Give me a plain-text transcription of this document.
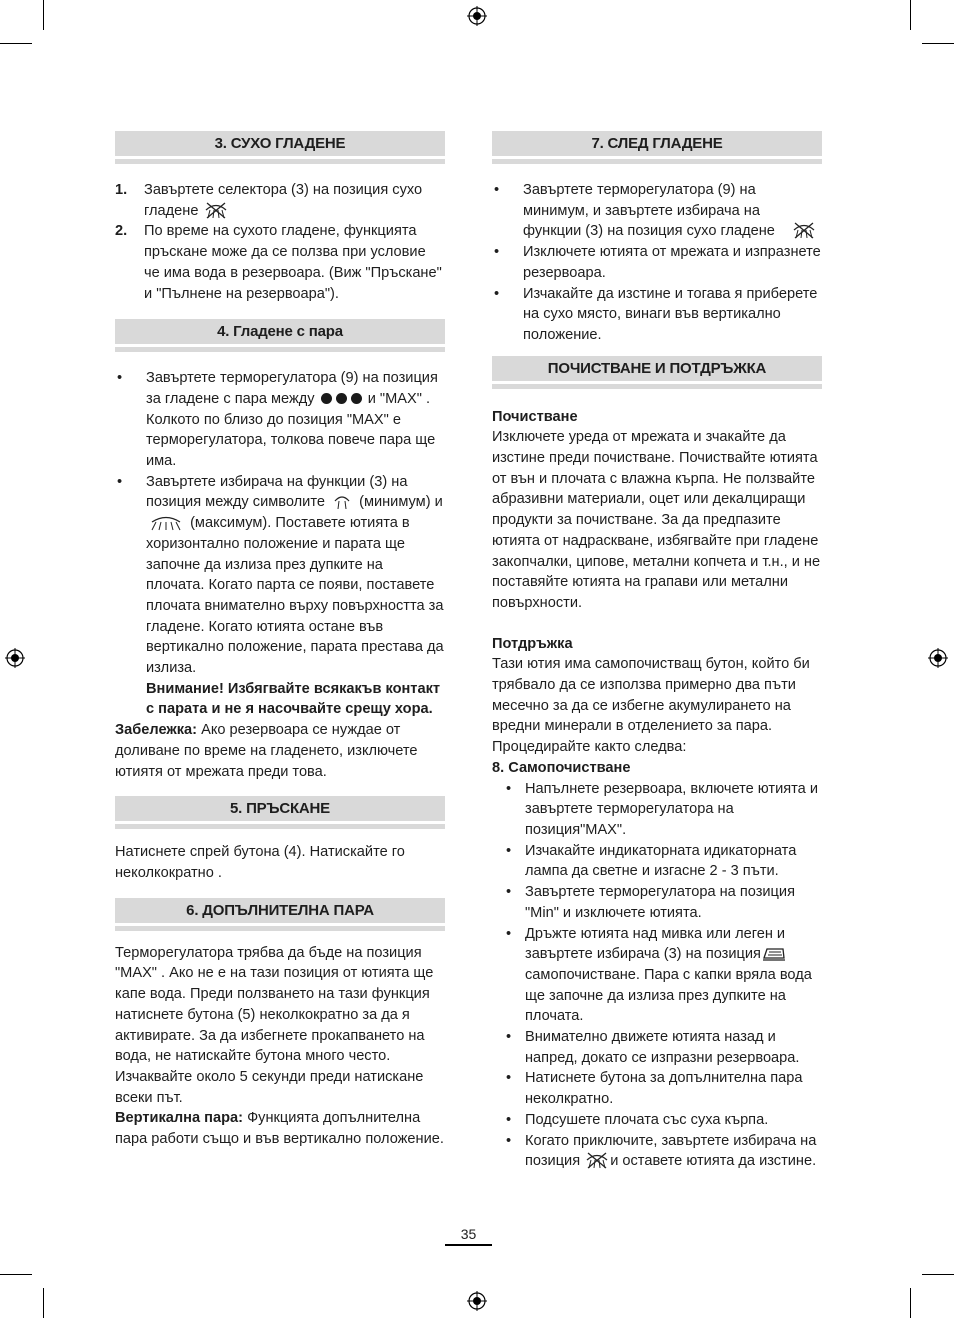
3. СУХО ГЛАДЕНЕ
1.	Завъртете селектора (3) на позиция сухо гладене
2.	По време на сухото гладене, функцията пръскане може да се ползва при условие че има вода в резервоара. (Виж "Пръскане" и "Пълнене на резервоара").
4. Гладене с пара
•	Завъртете терморегулатора (9) на позиция за гладене с пара между	и "MAX" . Колкото по близо до позиция "MAX" е терморегулатора, толкова повече пара ще има.
•	Завъртете избирача на функции (3) на позиция между символите (минимум) и  (максимум). Поставете ютията в хоризонтално положение и парата ще започне да излиза през дупките на плочата. Когато парта се появи, поставете плочата внимателно върху повърхността за гладене. Когато ютията остане във вертикално положение, парата престава да излиза.
Внимание! Избягвайте всякакъв контакт с парата и не я насочвайте срещу хора.

Забележка: Ако резервоара се нуждае от доливане по време на гладенето, изключете ютиятя от мрежата преди това.

5. ПРЪСКАНЕ

Натиснете спрей бутона (4). Натискайте го неколкократно .

6. ДОПЪЛНИТЕЛНА ПАРА

Терморегулатора трябва да бъде на позиция "MAX" . Ако не е на тази позиция от ютията ще капе вода. Преди ползването на тази функция натиснете бутона (5) неколкократно за да я активирате. За да избегнете прокапването на вода, не натискайте бутона много често. Изчаквайте около 5 секунди преди натискане всеки път.

Вертикална пара: Функцията допълнителна пара работи също и във вертикално положение.

7. СЛЕД ГЛАДЕНЕ
•	Завъртете терморегулатора (9) на минимум, и завъртете избирача на функции (3) на позиция сухо гладене
•	Изключете ютията от мрежата и изпразнете резервоара.
•	Изчакайте да изстине и тогава я приберете на сухо място, винаги във вертикално положение.
ПОЧИСТВАНЕ И ПОТДРЪЖКА

Почистване

Изключете уреда от мрежата и зчакайте да изстине преди почистване. Почиствайте ютията от вън и плочата с влажна кърпа. Не ползвайте абразивни материали, оцет или декалциращи продукти за почистване. За да предпазите ютията от надраскване, избягвайте при гладене закопчалки, ципове, метални копчета и т.н., и не поставяйте ютията на грапави или метални повърхности.

Потдръжка

Тази ютия има самопочистващ бутон, който би трябвало да се използва примерно два пъти месечно за да се избегне акумулирането на вредни минерали в отделението за пара. Процедирайте както следва:

8. Самопочистване

• Напълнете резервоара, включете ютията и завъртете терморегулатора на позиция"MAX".
• Изчакайте индикаторната идикаторната лампа да светне и изгасне 2 - 3 пъти.
• Завъртете терморегулатора на позиция "Min" и изключете ютията.
• Дръжте ютията над мивка или леген и завъртете избирача (3) на позиция самопочистване. Пара с капки вряла вода ще започне да излиза през дупките на плочата.
• Внимателно движете ютията назад и напред, докато се изпразни резервоара.
• Натиснете бутона за допълнителна пара неколкратно.
• Подсушете плочата със суха кърпа.
• Когато приключите, завъртете избирача на позиция и оставете ютията да изстине.
35
